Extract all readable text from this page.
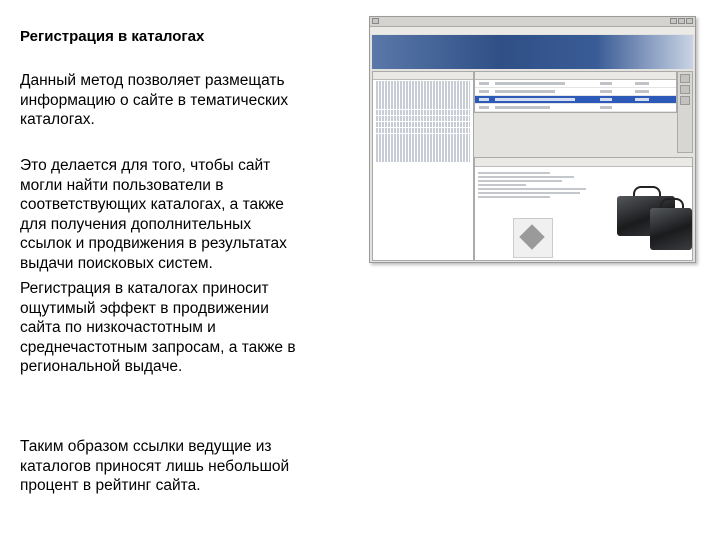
Регистрация в каталогах

Данный метод позволяет размещать
информацию о сайте в тематических
каталогах.

Это делается для того, чтобы сайт
могли найти пользователи в
соответствующих каталогах, а также
для получения дополнительных
ссылок и продвижения в результатах
выдачи поисковых систем.

Регистрация в каталогах приносит
ощутимый эффект в продвижении
сайта по низкочастотным и
среднечастотным запросам, а также в
региональной выдаче.

Таким образом ссылки ведущие из
каталогов приносят лишь небольшой
процент в рейтинг сайта.
